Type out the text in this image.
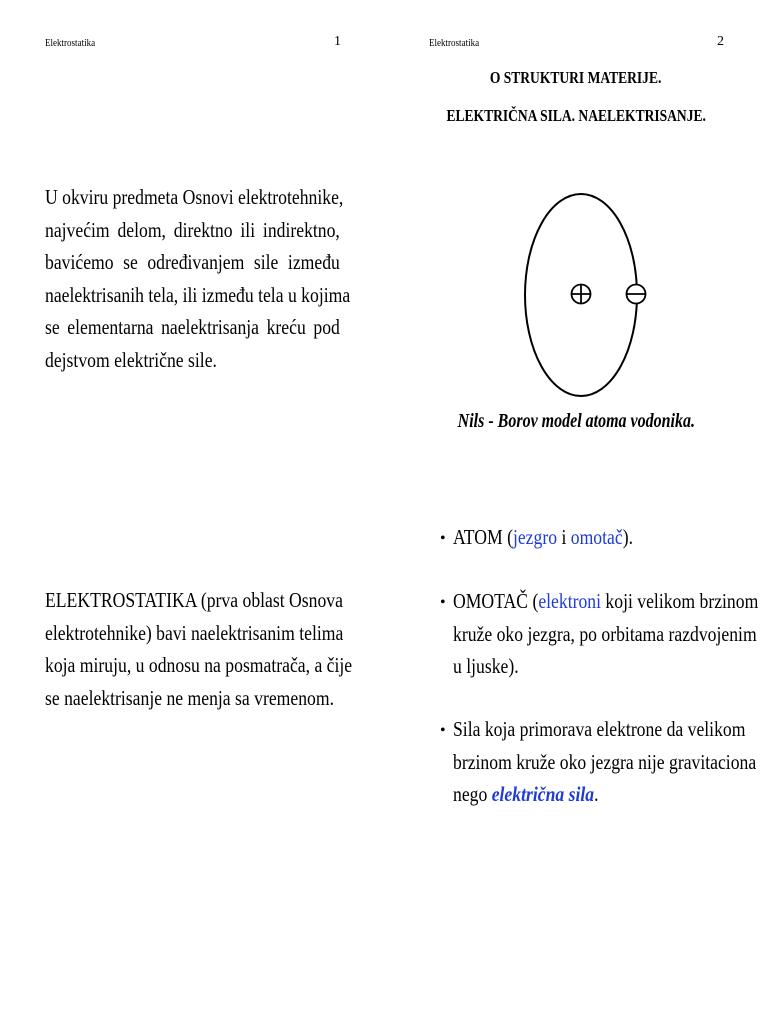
Elektrostatika	1
U okviru predmeta Osnovi elektrotehnike,
najvećim delom, direktno ili indirektno,
bavićemo se određivanjem sile između
naelektrisanih tela, ili između tela u kojima
se elementarna naelektrisanja kreću pod
dejstvom električne sile.
ELEKTROSTATIKA (prva oblast Osnova
elektrotehnike) bavi naelektrisanim telima
koja miruju, u odnosu na posmatrača, a čije
se naelektrisanje ne menja sa vremenom.
Elektrostatika	2
O STRUKTURI MATERIJE.
ELEKTRIČNA SILA. NAELEKTRISANJE.
Nils - Borov model atoma vodonika.
• ATOM (jezgro i omotač).
• OMOTAČ (elektroni koji velikom brzinom
kruže oko jezgra, po orbitama razdvojenim
u ljuske).
• Sila koja primorava elektrone da velikom
brzinom kruže oko jezgra nije gravitaciona
nego električna sila.
